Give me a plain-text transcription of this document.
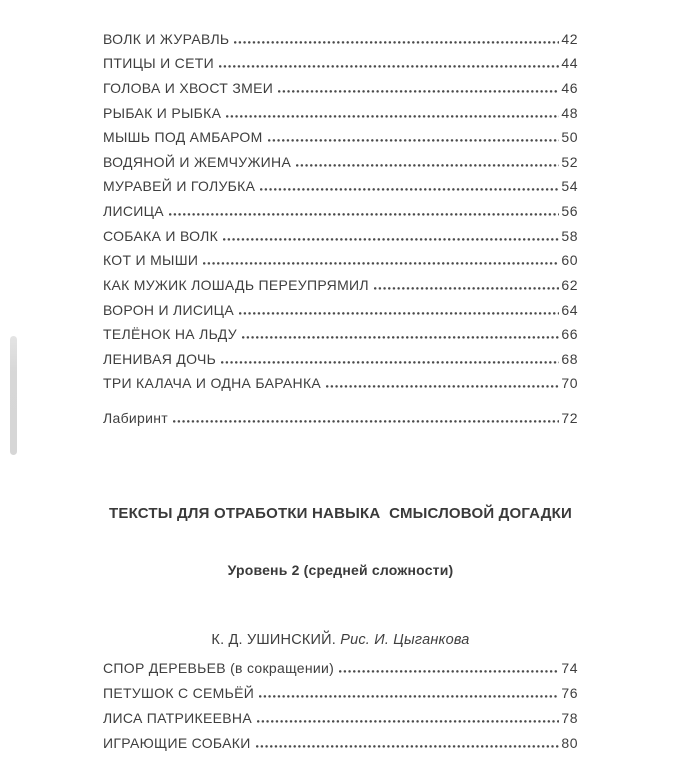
ВОЛК И ЖУРАВЛЬ	42
ПТИЦЫ И СЕТИ	44
ГОЛОВА И ХВОСТ ЗМЕИ	46
РЫБАК И РЫБКА	48
МЫШЬ ПОД АМБАРОМ	50
ВОДЯНОЙ И ЖЕМЧУЖИНА	52
МУРАВЕЙ И ГОЛУБКА	54
ЛИСИЦА	56
СОБАКА И ВОЛК	58
КОТ И МЫШИ	60
КАК МУЖИК ЛОШАДЬ ПЕРЕУПРЯМИЛ	62
ВОРОН И ЛИСИЦА	64
ТЕЛЁНОК НА ЛЬДУ	66
ЛЕНИВАЯ ДОЧЬ	68
ТРИ КАЛАЧА И ОДНА БАРАНКА	70
Лабиринт	72

ТЕКСТЫ ДЛЯ ОТРАБОТКИ НАВЫКА  СМЫСЛОВОЙ ДОГАДКИ

Уровень 2 (средней сложности)

К. Д. УШИНСКИЙ. Рис. И. Цыганкова
СПОР ДЕРЕВЬЕВ (в сокращении)	74
ПЕТУШОК С СЕМЬЁЙ	76
ЛИСА ПАТРИКЕЕВНА	78
ИГРАЮЩИЕ СОБАКИ	80
